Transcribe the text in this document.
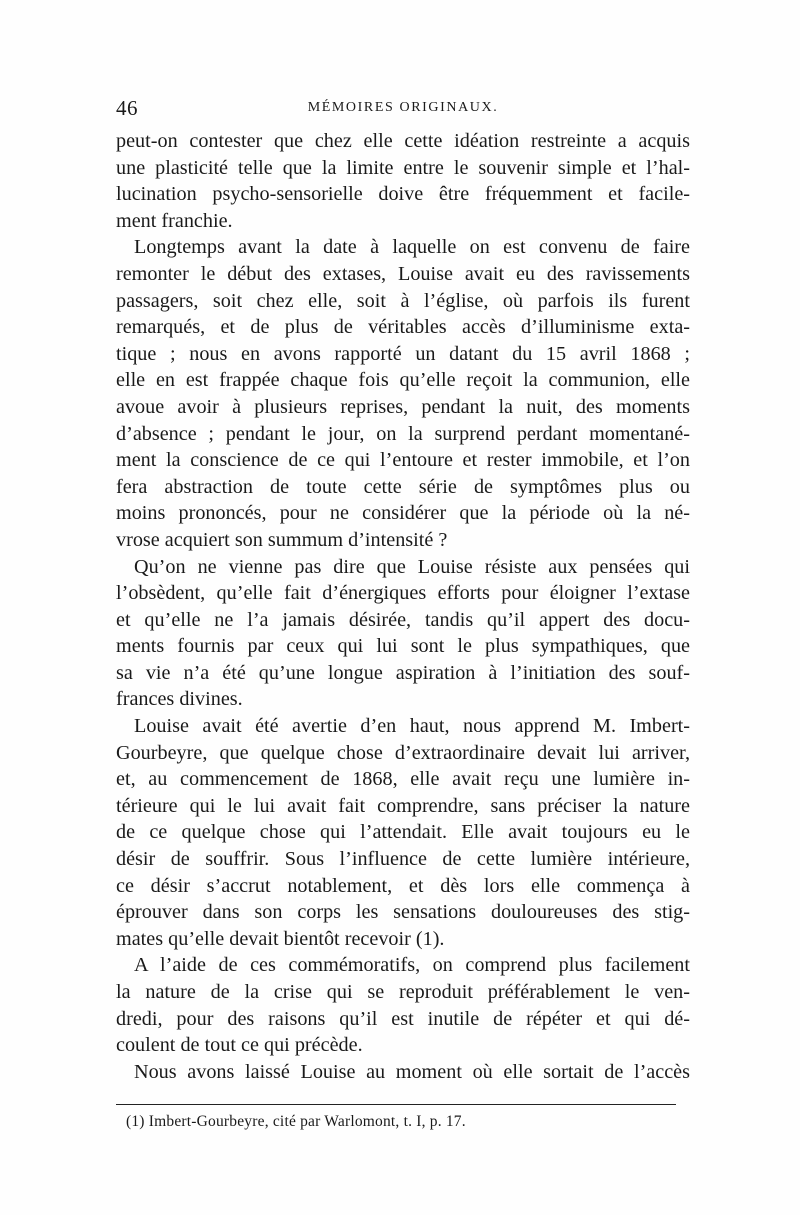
46	MÉMOIRES ORIGINAUX.
peut-on contester que chez elle cette idéation restreinte a acquis
une plasticité telle que la limite entre le souvenir simple et l’hal-
lucination psycho-sensorielle doive être fréquemment et facile-
ment franchie.
Longtemps avant la date à laquelle on est convenu de faire
remonter le début des extases, Louise avait eu des ravissements
passagers, soit chez elle, soit à l’église, où parfois ils furent
remarqués, et de plus de véritables accès d’illuminisme exta-
tique ; nous en avons rapporté un datant du 15 avril 1868 ;
elle en est frappée chaque fois qu’elle reçoit la communion, elle
avoue avoir à plusieurs reprises, pendant la nuit, des moments
d’absence ; pendant le jour, on la surprend perdant momentané-
ment la conscience de ce qui l’entoure et rester immobile, et l’on
fera abstraction de toute cette série de symptômes plus ou
moins prononcés, pour ne considérer que la période où la né-
vrose acquiert son summum d’intensité ?
Qu’on ne vienne pas dire que Louise résiste aux pensées qui
l’obsèdent, qu’elle fait d’énergiques efforts pour éloigner l’extase
et qu’elle ne l’a jamais désirée, tandis qu’il appert des docu-
ments fournis par ceux qui lui sont le plus sympathiques, que
sa vie n’a été qu’une longue aspiration à l’initiation des souf-
frances divines.
Louise avait été avertie d’en haut, nous apprend M. Imbert-
Gourbeyre, que quelque chose d’extraordinaire devait lui arriver,
et, au commencement de 1868, elle avait reçu une lumière in-
térieure qui le lui avait fait comprendre, sans préciser la nature
de ce quelque chose qui l’attendait. Elle avait toujours eu le
désir de souffrir. Sous l’influence de cette lumière intérieure,
ce désir s’accrut notablement, et dès lors elle commença à
éprouver dans son corps les sensations douloureuses des stig-
mates qu’elle devait bientôt recevoir (1).
A l’aide de ces commémoratifs, on comprend plus facilement
la nature de la crise qui se reproduit préférablement le ven-
dredi, pour des raisons qu’il est inutile de répéter et qui dé-
coulent de tout ce qui précède.
Nous avons laissé Louise au moment où elle sortait de l’accès
(1) Imbert-Gourbeyre, cité par Warlomont, t. I, p. 17.
